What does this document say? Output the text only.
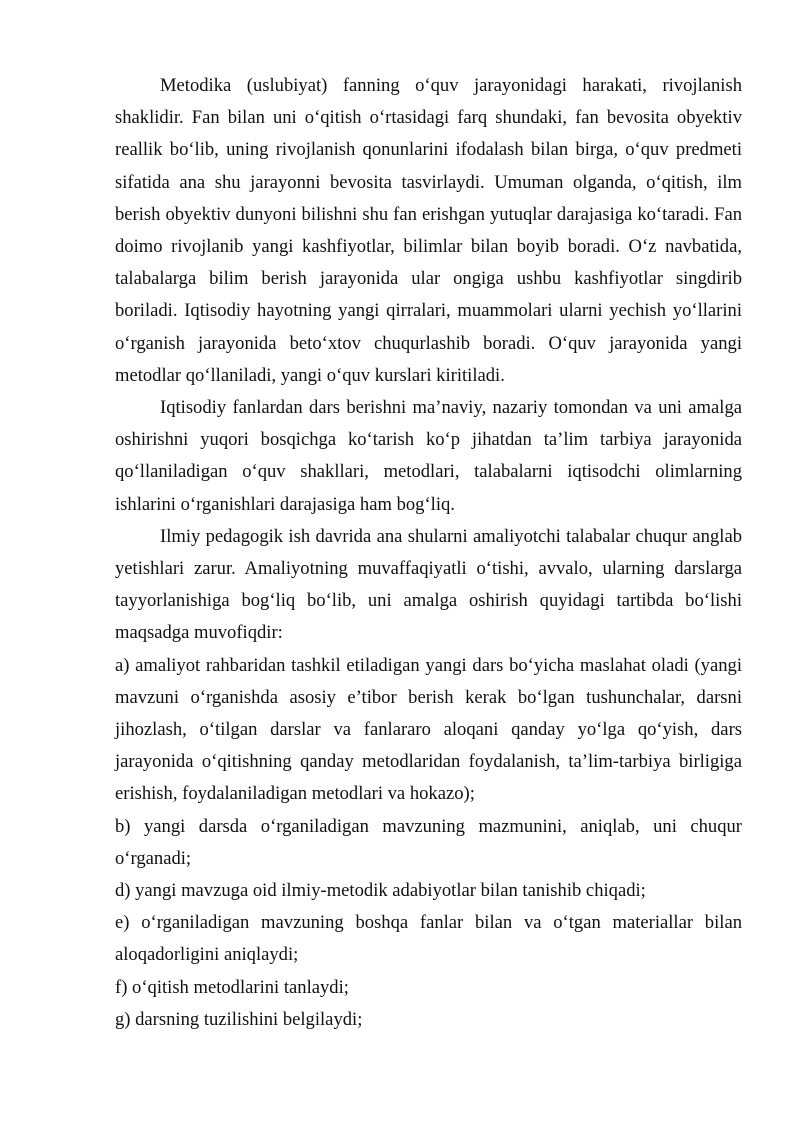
Metodika (uslubiyat) fanning o‘quv jarayonidagi harakati, rivojlanish shaklidir. Fan bilan uni o‘qitish o‘rtasidagi farq shundaki, fan bevosita obyektiv reallik bo‘lib, uning rivojlanish qonunlarini ifodalash bilan birga, o‘quv predmeti sifatida ana shu jarayonni bevosita tasvirlaydi. Umuman olganda, o‘qitish, ilm berish obyektiv dunyoni bilishni shu fan erishgan yutuqlar darajasiga ko‘taradi. Fan doimo rivojlanib yangi kashfiyotlar, bilimlar bilan boyib boradi. O‘z navbatida, talabalarga bilim berish jarayonida ular ongiga ushbu kashfiyotlar singdirib boriladi. Iqtisodiy hayotning yangi qirralari, muammolari ularni yechish yo‘llarini o‘rganish jarayonida beto‘xtov chuqurlashib boradi. O‘quv jarayonida yangi metodlar qo‘llaniladi, yangi o‘quv kurslari kiritiladi.

Iqtisodiy fanlardan dars berishni ma’naviy, nazariy tomondan va uni amalga oshirishni yuqori bosqichga ko‘tarish ko‘p jihatdan ta’lim tarbiya jarayonida qo‘llaniladigan o‘quv shakllari, metodlari, talabalarni iqtisodchi olimlarning ishlarini o‘rganishlari darajasiga ham bog‘liq.

Ilmiy pedagogik ish davrida ana shularni amaliyotchi talabalar chuqur anglab yetishlari zarur. Amaliyotning muvaffaqiyatli o‘tishi, avvalo, ularning darslarga tayyorlanishiga bog‘liq bo‘lib, uni amalga oshirish quyidagi tartibda bo‘lishi maqsadga muvofiqdir:

a) amaliyot rahbaridan tashkil etiladigan yangi dars bo‘yicha maslahat oladi (yangi mavzuni o‘rganishda asosiy e’tibor berish kerak bo‘lgan tushunchalar, darsni jihozlash, o‘tilgan darslar va fanlararo aloqani qanday yo‘lga qo‘yish, dars jarayonida o‘qitishning qanday metodlaridan foydalanish, ta’lim-tarbiya birligiga erishish, foydalaniladigan metodlari va hokazo);

b) yangi darsda o‘rganiladigan mavzuning mazmunini, aniqlab, uni chuqur o‘rganadi;

d) yangi mavzuga oid ilmiy-metodik adabiyotlar bilan tanishib chiqadi;

e) o‘rganiladigan mavzuning boshqa fanlar bilan va o‘tgan materiallar bilan aloqadorligini aniqlaydi;

f) o‘qitish metodlarini tanlaydi;

g) darsning tuzilishini belgilaydi;
